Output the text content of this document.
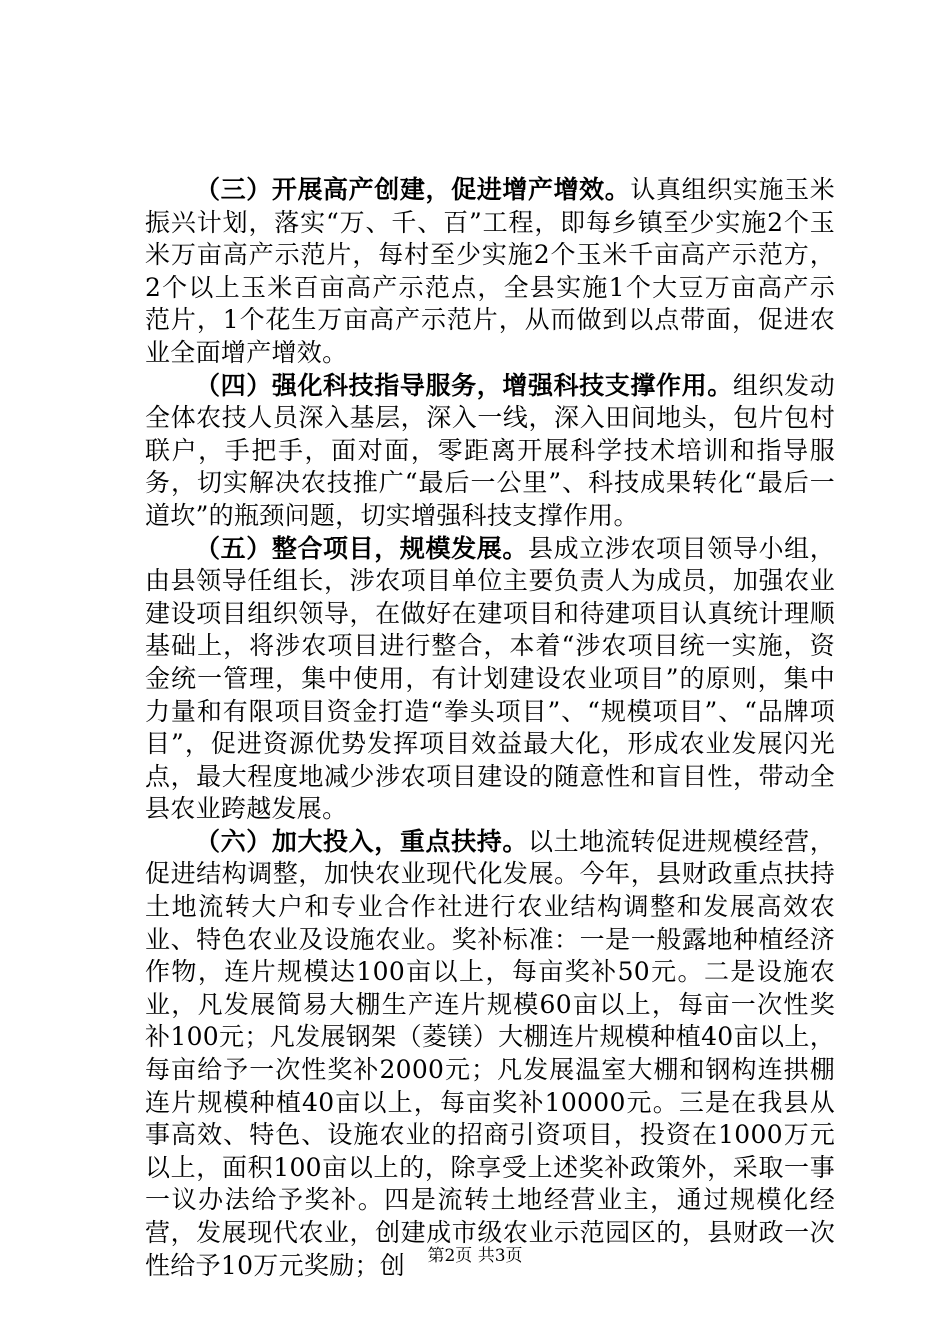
（三）开展高产创建，促进增产增效。认真组织实施玉米振兴计划，落实“万、千、百”工程，即每乡镇至少实施2个玉米万亩高产示范片，每村至少实施2个玉米千亩高产示范方，2个以上玉米百亩高产示范点，全县实施1个大豆万亩高产示范片，1个花生万亩高产示范片，从而做到以点带面，促进农业全面增产增效。

（四）强化科技指导服务，增强科技支撑作用。组织发动全体农技人员深入基层，深入一线，深入田间地头，包片包村联户，手把手，面对面，零距离开展科学技术培训和指导服务，切实解决农技推广“最后一公里”、科技成果转化“最后一道坎”的瓶颈问题，切实增强科技支撑作用。

（五）整合项目，规模发展。县成立涉农项目领导小组，由县领导任组长，涉农项目单位主要负责人为成员，加强农业建设项目组织领导，在做好在建项目和待建项目认真统计理顺基础上，将涉农项目进行整合，本着“涉农项目统一实施，资金统一管理，集中使用，有计划建设农业项目”的原则，集中力量和有限项目资金打造“拳头项目”、“规模项目”、“品牌项目”，促进资源优势发挥项目效益最大化，形成农业发展闪光点，最大程度地减少涉农项目建设的随意性和盲目性，带动全县农业跨越发展。

（六）加大投入，重点扶持。以土地流转促进规模经营，促进结构调整，加快农业现代化发展。今年，县财政重点扶持土地流转大户和专业合作社进行农业结构调整和发展高效农业、特色农业及设施农业。奖补标准：一是一般露地种植经济作物，连片规模达100亩以上，每亩奖补50元。二是设施农业，凡发展简易大棚生产连片规模60亩以上，每亩一次性奖补100元；凡发展钢架（菱镁）大棚连片规模种植40亩以上，每亩给予一次性奖补2000元；凡发展温室大棚和钢构连拱棚连片规模种植40亩以上，每亩奖补10000元。三是在我县从事高效、特色、设施农业的招商引资项目，投资在1000万元以上，面积100亩以上的，除享受上述奖补政策外，采取一事一议办法给予奖补。四是流转土地经营业主，通过规模化经营，发展现代农业，创建成市级农业示范园区的，县财政一次性给予10万元奖励；创	第2页 共3页
